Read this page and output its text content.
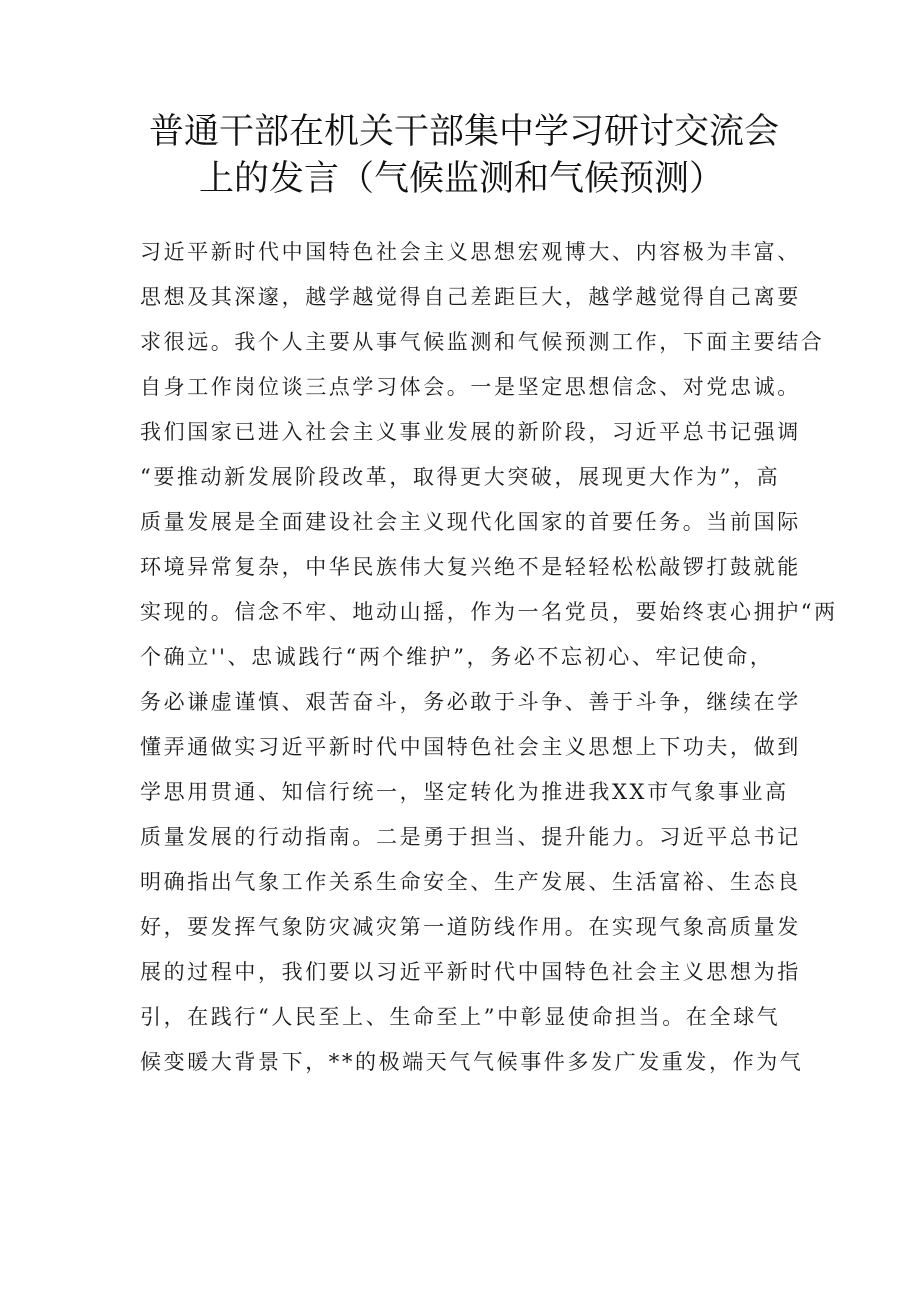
普通干部在机关干部集中学习研讨交流会
上的发言（气候监测和气候预测）
习近平新时代中国特色社会主义思想宏观博大、内容极为丰富、
思想及其深邃，越学越觉得自己差距巨大，越学越觉得自己离要
求很远。我个人主要从事气候监测和气候预测工作，下面主要结合
自身工作岗位谈三点学习体会。一是坚定思想信念、对党忠诚。
我们国家已进入社会主义事业发展的新阶段，习近平总书记强调
“要推动新发展阶段改革，取得更大突破，展现更大作为”，高
质量发展是全面建设社会主义现代化国家的首要任务。当前国际
环境异常复杂，中华民族伟大复兴绝不是轻轻松松敲锣打鼓就能
实现的。信念不牢、地动山摇，作为一名党员，要始终衷心拥护“两
个确立''、忠诚践行“两个维护”，务必不忘初心、牢记使命，
务必谦虚谨慎、艰苦奋斗，务必敢于斗争、善于斗争，继续在学
懂弄通做实习近平新时代中国特色社会主义思想上下功夫，做到
学思用贯通、知信行统一，坚定转化为推进我XX市气象事业高
质量发展的行动指南。二是勇于担当、提升能力。习近平总书记
明确指出气象工作关系生命安全、生产发展、生活富裕、生态良
好，要发挥气象防灾减灾第一道防线作用。在实现气象高质量发
展的过程中，我们要以习近平新时代中国特色社会主义思想为指
引，在践行“人民至上、生命至上”中彰显使命担当。在全球气
候变暖大背景下，**的极端天气气候事件多发广发重发，作为气
